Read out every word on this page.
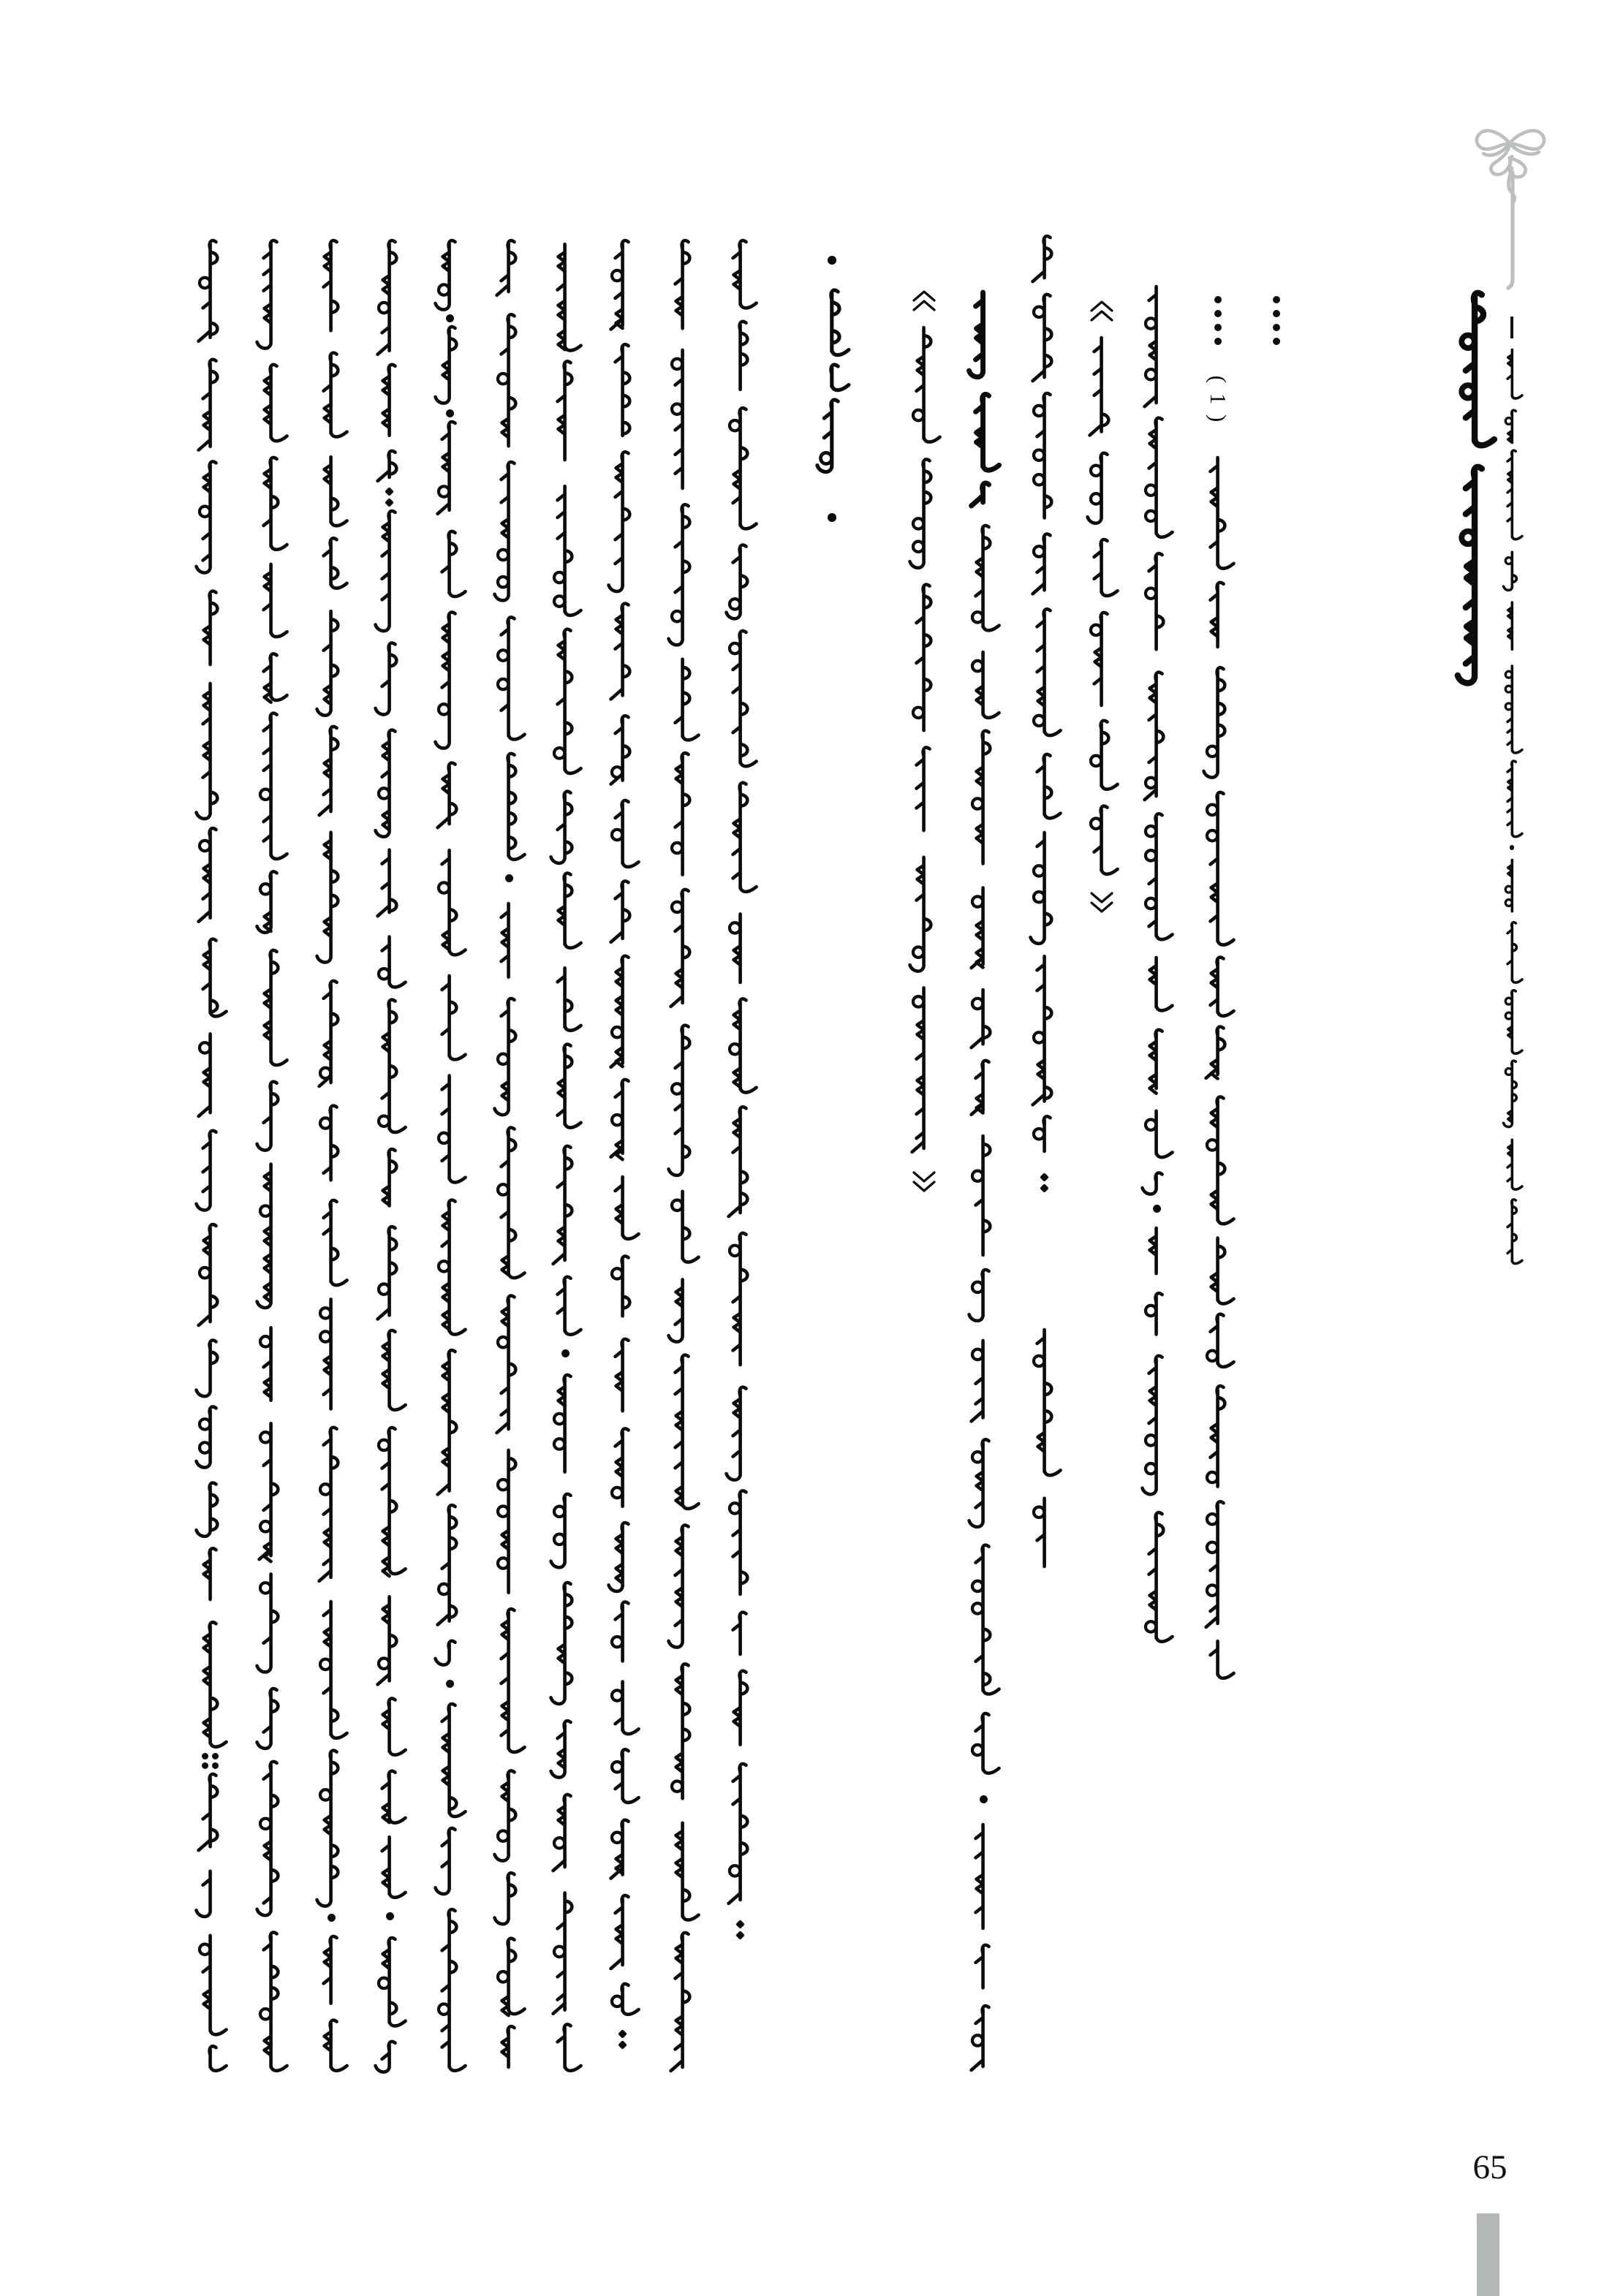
65
( 1 )
